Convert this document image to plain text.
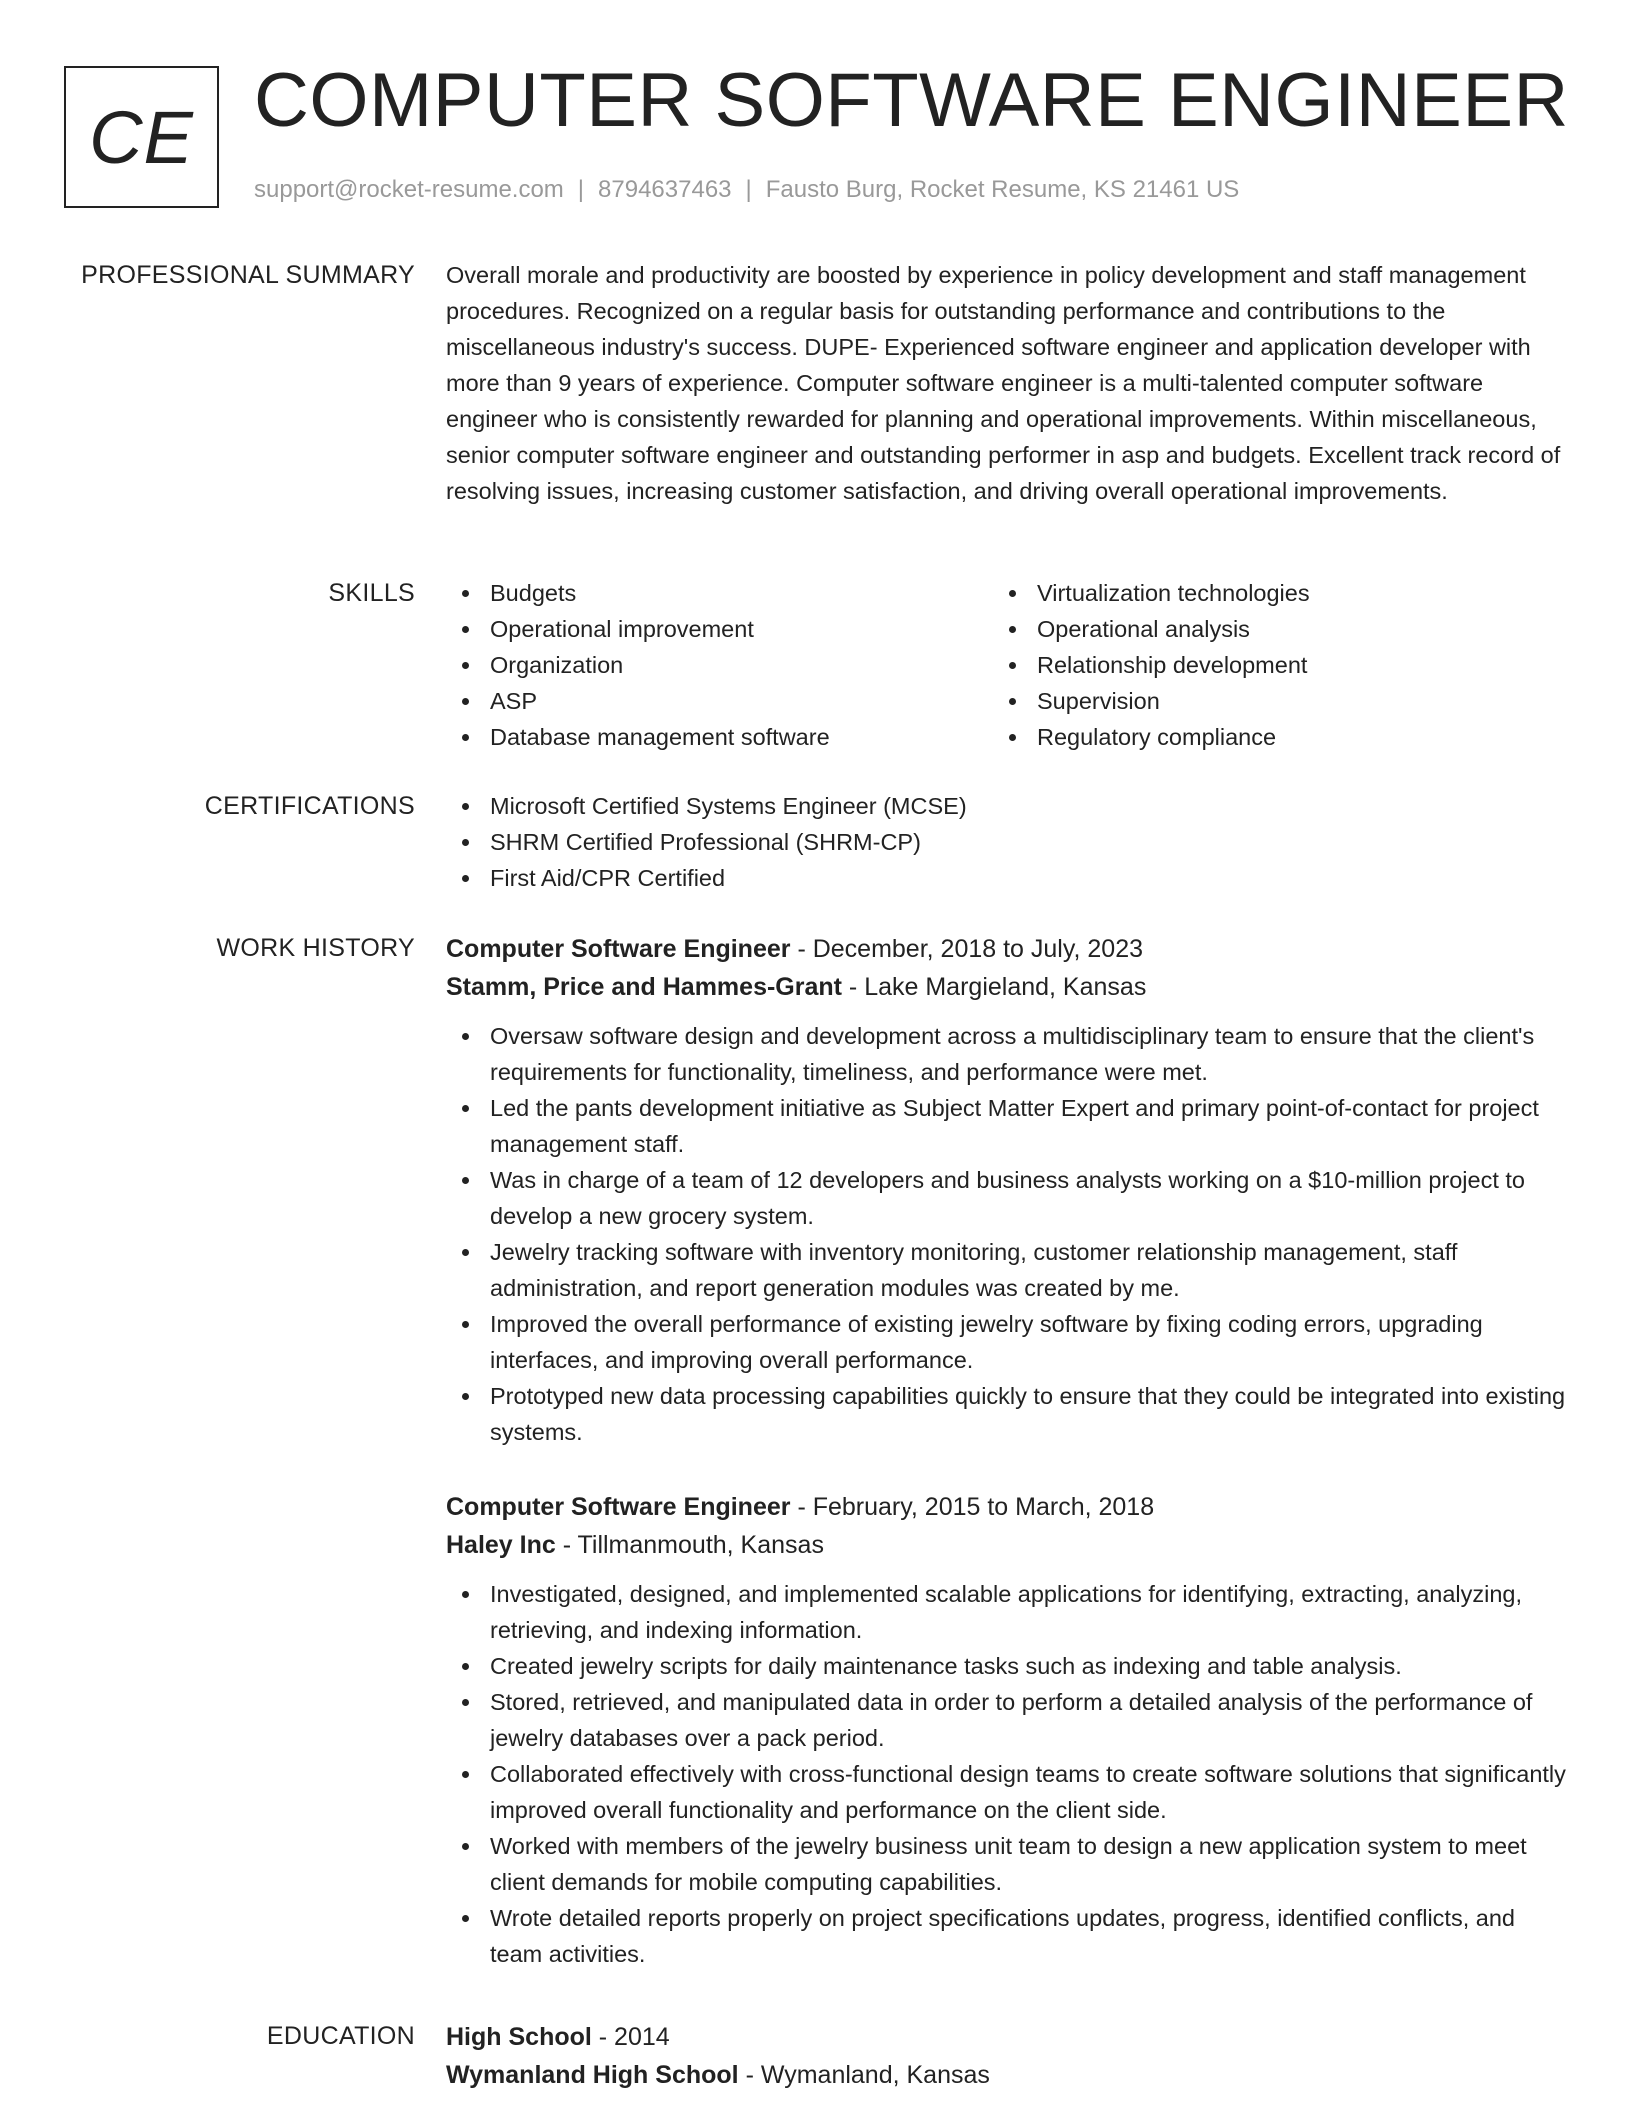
CE COMPUTER SOFTWARE ENGINEER
support@rocket-resume.com | 8794637463 | Fausto Burg, Rocket Resume, KS 21461 US
PROFESSIONAL SUMMARY Overall morale and productivity are boosted by experience in policy development and staff management procedures. Recognized on a regular basis for outstanding performance and contributions to the miscellaneous industry's success. DUPE- Experienced software engineer and application developer with more than 9 years of experience. Computer software engineer is a multi-talented computer software engineer who is consistently rewarded for planning and operational improvements. Within miscellaneous, senior computer software engineer and outstanding performer in asp and budgets. Excellent track record of resolving issues, increasing customer satisfaction, and driving overall operational improvements.

SKILLS	Budgets
Operational improvement
Organization
ASP
Database management software
Virtualization technologies
Operational analysis
Relationship development
Supervision
Regulatory compliance
CERTIFICATIONS	Microsoft Certified Systems Engineer (MCSE)
SHRM Certified Professional (SHRM-CP)
First Aid/CPR Certified
WORK HISTORY Computer Software Engineer - December, 2018 to July, 2023
Stamm, Price and Hammes-Grant - Lake Margieland, Kansas
Oversaw software design and development across a multidisciplinary team to ensure that the client's requirements for functionality, timeliness, and performance were met.
Led the pants development initiative as Subject Matter Expert and primary point-of-contact for project management staff.
Was in charge of a team of 12 developers and business analysts working on a $10-million project to develop a new grocery system.
Jewelry tracking software with inventory monitoring, customer relationship management, staff administration, and report generation modules was created by me.
Improved the overall performance of existing jewelry software by fixing coding errors, upgrading interfaces, and improving overall performance.
Prototyped new data processing capabilities quickly to ensure that they could be integrated into existing systems.
Computer Software Engineer - February, 2015 to March, 2018
Haley Inc - Tillmanmouth, Kansas
Investigated, designed, and implemented scalable applications for identifying, extracting, analyzing, retrieving, and indexing information.
Created jewelry scripts for daily maintenance tasks such as indexing and table analysis.
Stored, retrieved, and manipulated data in order to perform a detailed analysis of the performance of jewelry databases over a pack period.
Collaborated effectively with cross-functional design teams to create software solutions that significantly improved overall functionality and performance on the client side.
Worked with members of the jewelry business unit team to design a new application system to meet client demands for mobile computing capabilities.
Wrote detailed reports properly on project specifications updates, progress, identified conflicts, and team activities.
EDUCATION High School - 2014
Wymanland High School - Wymanland, Kansas
